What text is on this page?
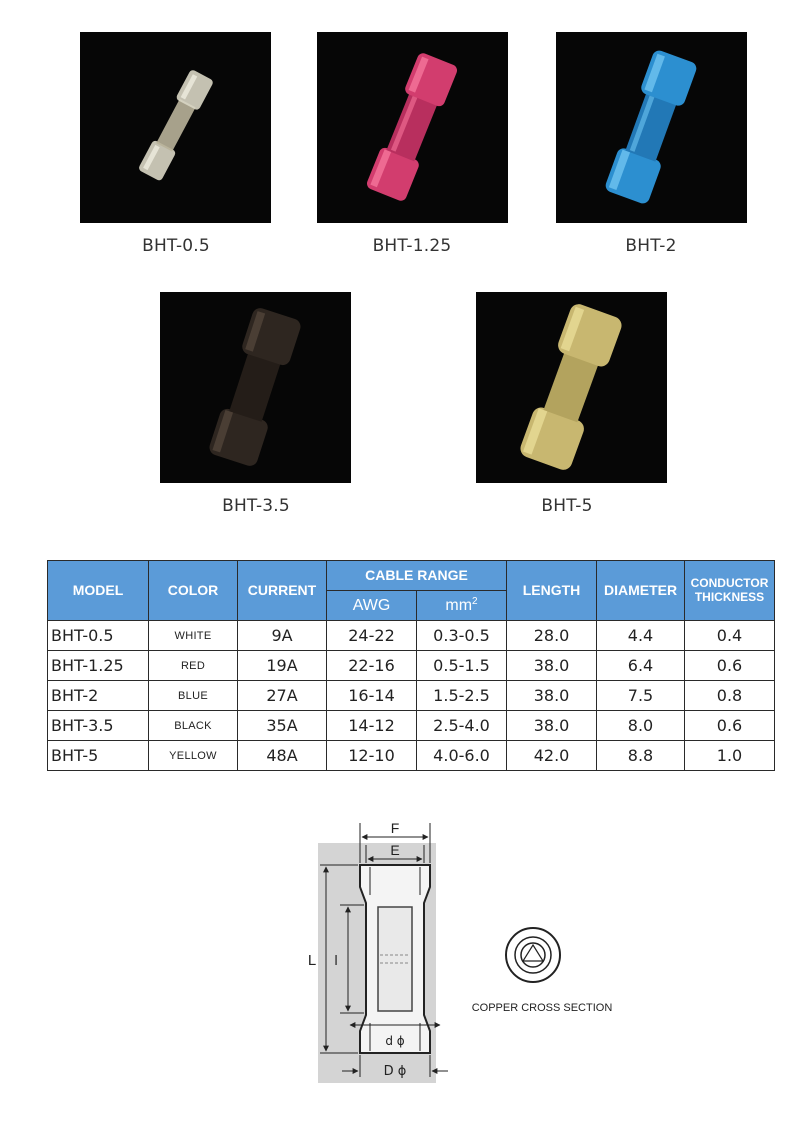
BHT-0.5	BHT-1.25	BHT-2
BHT-3.5	BHT-5
MODEL	COLOR	CURRENT	CABLE RANGE		LENGTH	DIAMETER	CONDUCTOR
THICKNESS
			AWG	$mm^2$
BHT-0.5	WHITE	9A	24-22	0.3-0.5	28.0	4.4	0.4
BHT-1.25	RED	19A	22-16	0.5-1.5	38.0	6.4	0.6
BHT-2	BLUE	27A	16-14	1.5-2.5	38.0	7.5	0.8
BHT-3.5	BLACK	35A	14-12	2.5-4.0	38.0	8.0	0.6
BHT-5	YELLOW	48A	12-10	4.0-6.0	42.0	8.8	1.0
F
E
L l
d ϕ
D ϕ
COPPER CROSS SECTION
